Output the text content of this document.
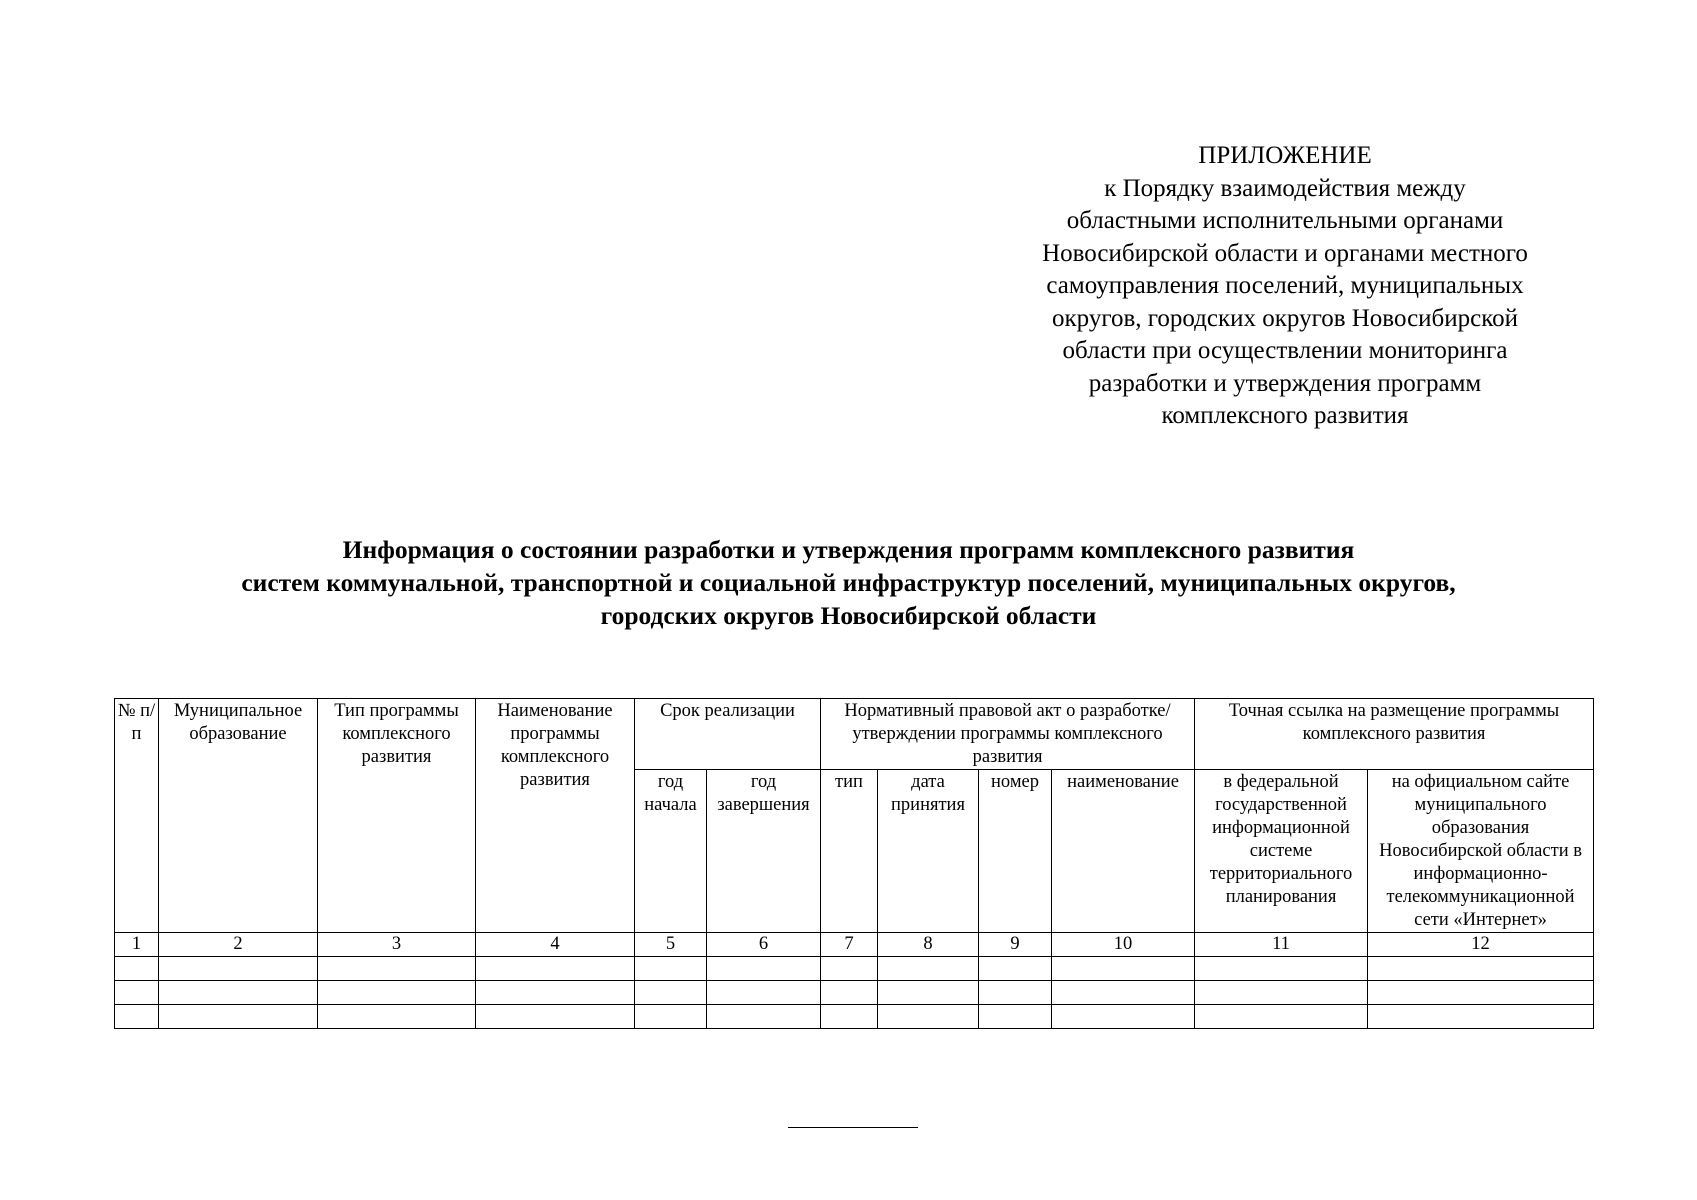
ПРИЛОЖЕНИЕ
к Порядку взаимодействия между
областными исполнительными органами
Новосибирской области и органами местного
самоуправления поселений, муниципальных
округов, городских округов Новосибирской
области при осуществлении мониторинга
разработки и утверждения программ
комплексного развития
Информация о состоянии разработки и утверждения программ комплексного развития
систем коммунальной, транспортной и социальной инфраструктур поселений, муниципальных округов,
городских округов Новосибирской области
№ п/п	Муниципальное образование	Тип программы комплексного развития	Наименование программы комплексного развития	Срок реализации		Нормативный правовой акт о разработке/утверждении программы комплексного развития				Точная ссылка на размещение программы комплексного развития	
				год начала	год завершения	тип	дата принятия	номер	наименование	в федеральной государственной информационной системе территориального планирования	на официальном сайте муниципального образования Новосибирской области в информационно-телекоммуникационной сети «Интернет»
1	2	3	4	5	6	7	8	9	10	11	12
